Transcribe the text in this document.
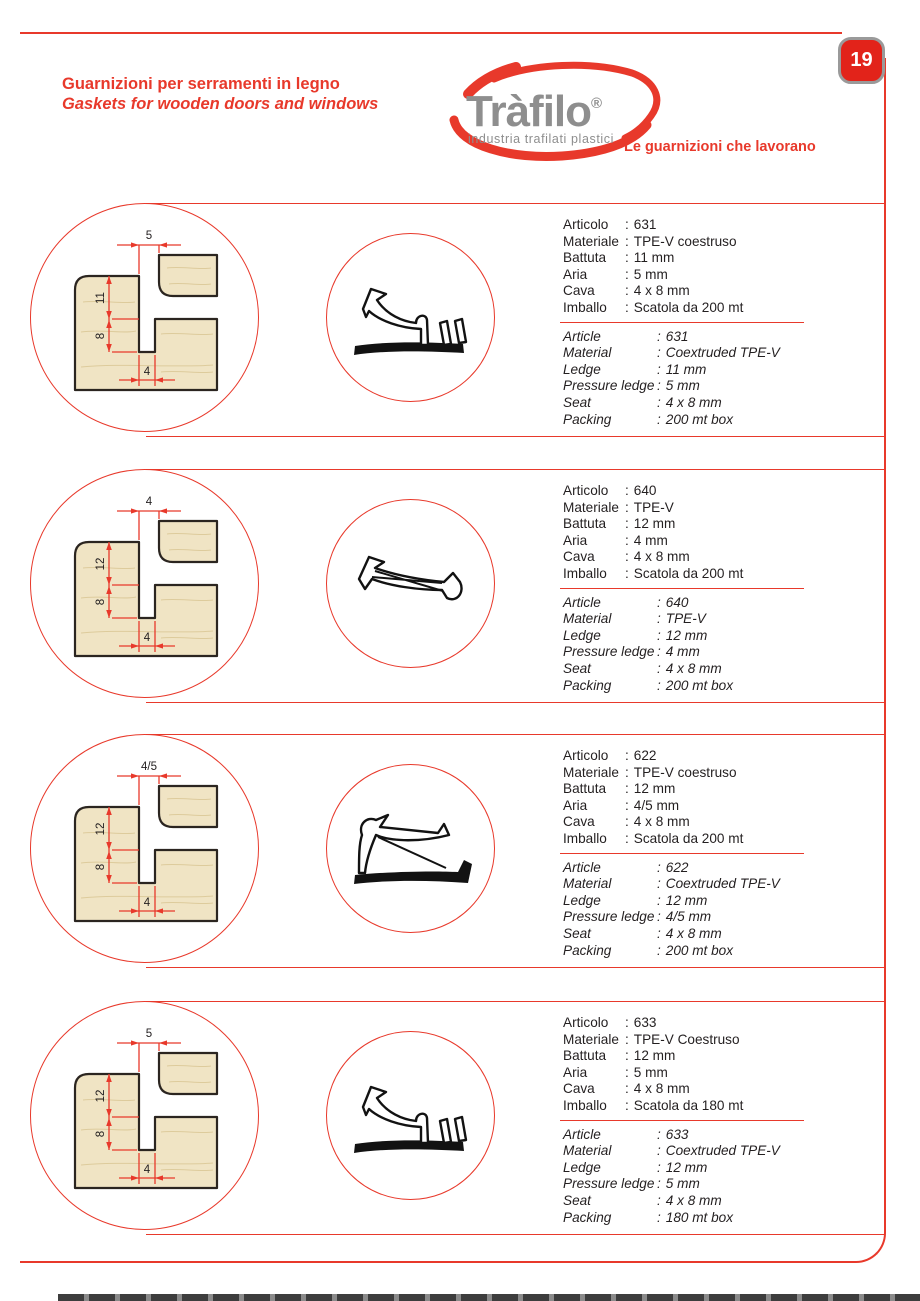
19
Guarnizioni per serramenti in legno
Gaskets for wooden doors and windows Tràfilo®
industria trafilati plastici Le guarnizioni che lavorano
5
11
8
4
Articolo : 631
Materiale : TPE-V coestruso
Battuta : 11 mm
Aria :	5 mm
Cava :	4 x 8 mm
Imballo : Scatola da 200 mt
Article :	631
Material :	Coextruded TPE-V
Ledge :	11 mm
Pressure ledge : 5 mm
Seat :	4 x 8 mm
Packing :	200 mt box
4
12
8
4
Articolo : 640
Materiale : TPE-V
Battuta : 12 mm
Aria :	4 mm
Cava :	4 x 8 mm
Imballo : Scatola da 200 mt
Article :	640
Material :	TPE-V
Ledge :	12 mm
Pressure ledge : 4 mm
Seat :	4 x 8 mm
Packing :	200 mt box
4/5
12
8
4
Articolo : 622
Materiale : TPE-V coestruso
Battuta : 12 mm
Aria :	4/5 mm
Cava :	4 x 8 mm
Imballo : Scatola da 200 mt
Article :	622
Material :	Coextruded TPE-V
Ledge :	12 mm
Pressure ledge : 4/5 mm
Seat :	4 x 8 mm
Packing :	200 mt box
5
12
8
4
Articolo : 633
Materiale : TPE-V Coestruso
Battuta : 12 mm
Aria :	5 mm
Cava :	4 x 8 mm
Imballo : Scatola da 180 mt
Article :	633
Material :	Coextruded TPE-V
Ledge :	12 mm
Pressure ledge : 5 mm
Seat :	4 x 8 mm
Packing :	180 mt box
